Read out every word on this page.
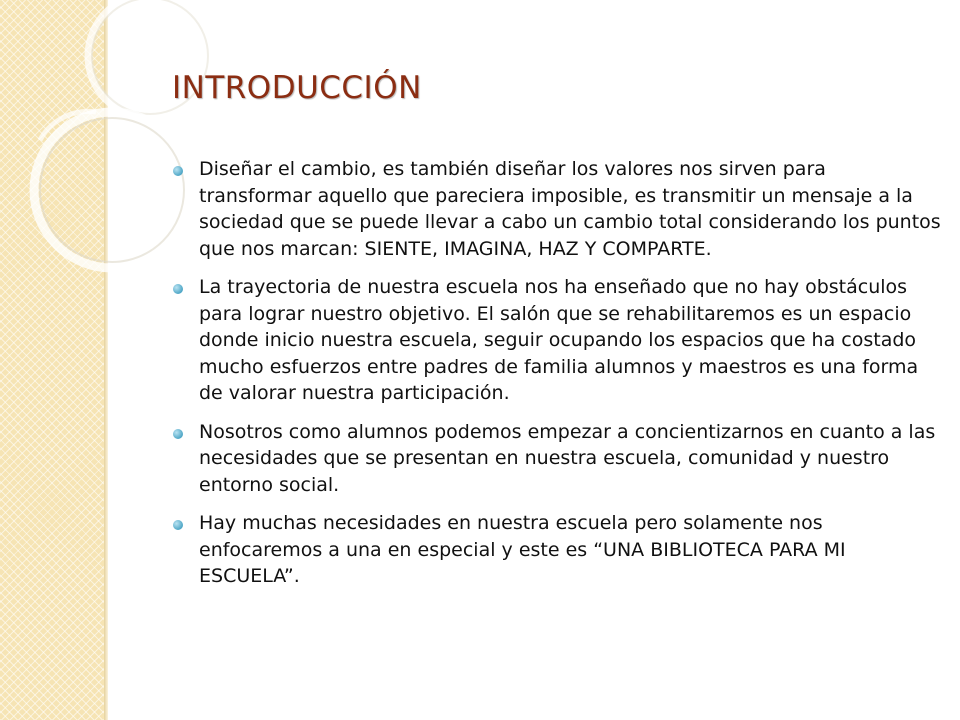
INTRODUCCIÓN
Diseñar el cambio, es también diseñar los valores nos sirven para transformar aquello que pareciera imposible, es transmitir un mensaje a la sociedad que se puede llevar a cabo un cambio total considerando los puntos que nos marcan: SIENTE, IMAGINA, HAZ Y COMPARTE.
La trayectoria de nuestra escuela nos ha enseñado que no hay obstáculos para lograr nuestro objetivo. El salón que se rehabilitaremos es un espacio donde inicio nuestra escuela, seguir ocupando los espacios que ha costado mucho esfuerzos entre padres de familia alumnos y maestros es una forma de valorar nuestra participación.
Nosotros como alumnos podemos empezar a concientizarnos en cuanto a las necesidades que se presentan en nuestra escuela, comunidad y nuestro entorno social.
Hay muchas necesidades en nuestra escuela pero solamente nos enfocaremos a una en especial y este es “UNA BIBLIOTECA PARA MI ESCUELA”.
